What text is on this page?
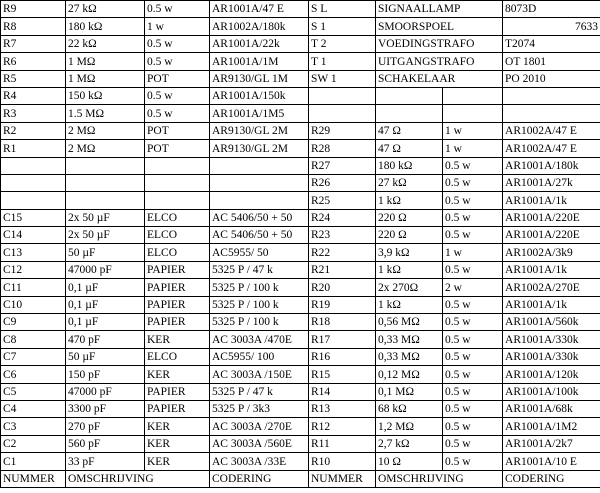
R9	27 kΩ	0.5 w	AR1001A/47 E	S L	SIGNAALLAMP		8073D
R8	180 kΩ	1 w	AR1002A/180k	S 1	SMOORSPOEL		7633
R7	22 kΩ	0.5 w	AR1001A/22k	T 2	VOEDINGSTRAFO		T2074
R6	1 MΩ	0.5 w	AR1001A/1M	T 1	UITGANGSTRAFO		OT 1801
R5	1 MΩ	POT	AR9130/GL 1M	SW 1	SCHAKELAAR		PO 2010
R4	150 kΩ	0.5 w	AR1001A/150k				
R3	1.5 MΩ	0.5 w	AR1001A/1M5				
R2	2 MΩ	POT	AR9130/GL 2M	R29	47 Ω	1 w	AR1002A/47 E
R1	2 MΩ	POT	AR9130/GL 2M	R28	47 Ω	1 w	AR1002A/47 E
				R27	180 kΩ	0.5 w	AR1001A/180k
				R26	27 kΩ	0.5 w	AR1001A/27k
				R25	1 kΩ	0.5 w	AR1001A/1k
C15	2x 50 µF	ELCO	AC 5406/50 + 50	R24	220 Ω	0.5 w	AR1001A/220E
C14	2x 50 µF	ELCO	AC 5406/50 + 50	R23	220 Ω	0.5 w	AR1001A/220E
C13	50 µF	ELCO	AC5955/ 50	R22	3,9 kΩ	1 w	AR1002A/3k9
C12	47000 pF	PAPIER	5325 P / 47 k	R21	1 kΩ	0.5 w	AR1001A/1k
C11	0,1 µF	PAPIER	5325 P / 100 k	R20	2x 270Ω	2 w	AR1002A/270E
C10	0,1 µF	PAPIER	5325 P / 100 k	R19	1 kΩ	0.5 w	AR1001A/1k
C9	0,1 µF	PAPIER	5325 P / 100 k	R18	0,56 MΩ	0.5 w	AR1001A/560k
C8	470 pF	KER	AC 3003A /470E	R17	0,33 MΩ	0.5 w	AR1001A/330k
C7	50 µF	ELCO	AC5955/ 100	R16	0,33 MΩ	0.5 w	AR1001A/330k
C6	150 pF	KER	AC 3003A /150E	R15	0,12 MΩ	0.5 w	AR1001A/120k
C5	47000 pF	PAPIER	5325 P / 47 k	R14	0,1 MΩ	0.5 w	AR1001A/100k
C4	3300 pF	PAPIER	5325 P / 3k3	R13	68 kΩ	0.5 w	AR1001A/68k
C3	270 pF	KER	AC 3003A /270E	R12	1,2 MΩ	0.5 w	AR1001A/1M2
C2	560 pF	KER	AC 3003A /560E	R11	2,7 kΩ	0.5 w	AR1001A/2k7
C1	33 pF	KER	AC 3003A /33E	R10	10 Ω	0.5 w	AR1001A/10 E
NUMMER	OMSCHRIJVING		CODERING	NUMMER	OMSCHRIJVING		CODERING
